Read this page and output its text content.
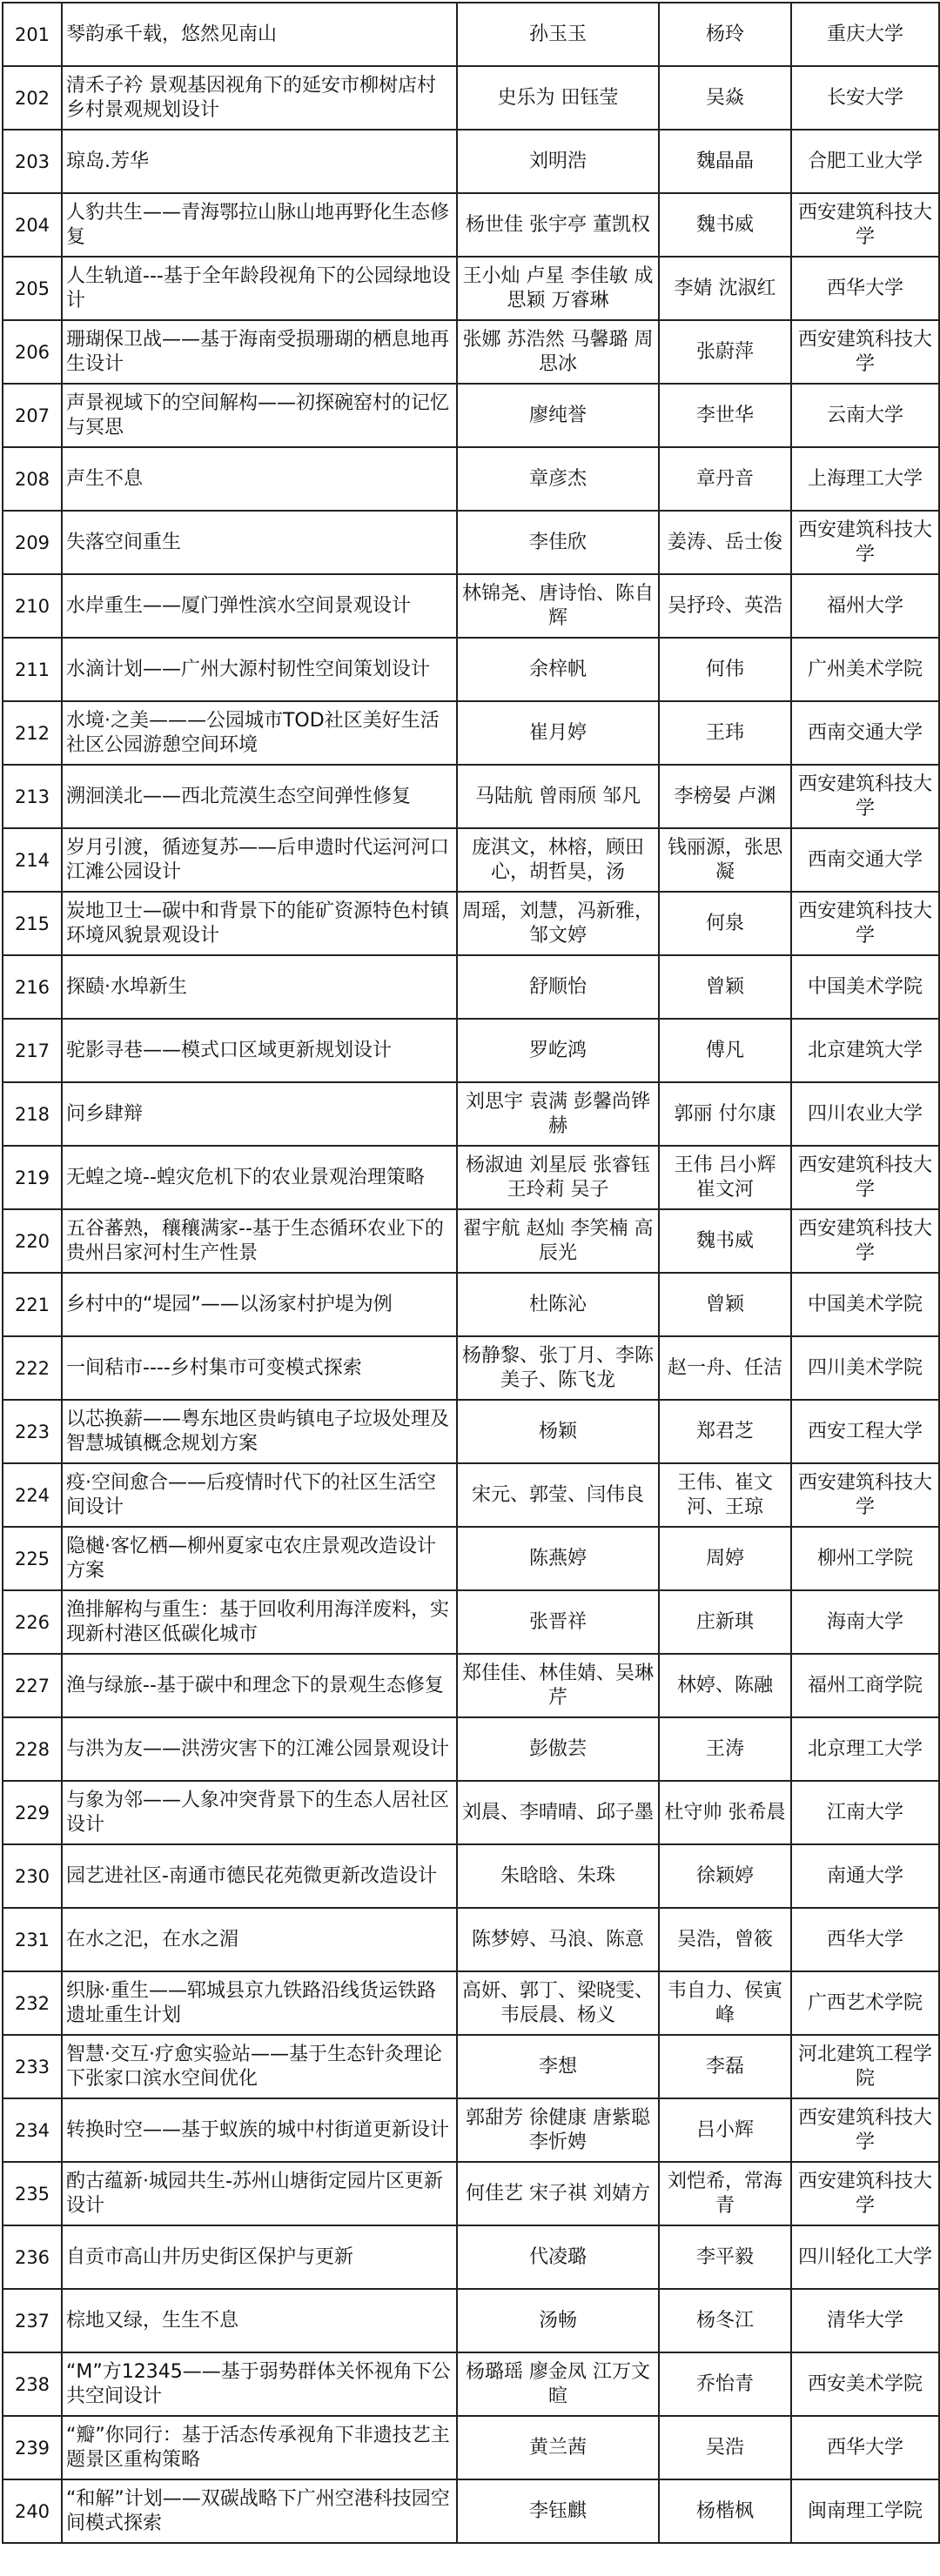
201	琴韵承千载，悠然见南山	孙玉玉	杨玲	重庆大学
202	清禾子衿 景观基因视角下的延安市柳树店村乡村景观规划设计	史乐为 田钰莹	吴焱	长安大学
203	琼岛.芳华	刘明浩	魏晶晶	合肥工业大学
204	人豹共生——青海鄂拉山脉山地再野化生态修复	杨世佳 张宇亭 董凯权	魏书威	西安建筑科技大学
205	人生轨道---基于全年龄段视角下的公园绿地设计	王小灿 卢星 李佳敏 成思颖 万睿琳	李婧 沈淑红	西华大学
206	珊瑚保卫战——基于海南受损珊瑚的栖息地再生设计	张娜 苏浩然 马馨璐 周思冰	张蔚萍	西安建筑科技大学
207	声景视域下的空间解构——初探碗窑村的记忆与冥思	廖纯誉	李世华	云南大学
208	声生不息	章彦杰	章丹音	上海理工大学
209	失落空间重生	李佳欣	姜涛、岳士俊	西安建筑科技大学
210	水岸重生——厦门弹性滨水空间景观设计	林锦尧、唐诗怡、陈自辉	吴抒玲、英浩	福州大学
211	水滴计划——广州大源村韧性空间策划设计	余梓帆	何伟	广州美术学院
212	水境·之美———公园城市TOD社区美好生活社区公园游憩空间环境	崔月婷	王玮	西南交通大学
213	溯洄渼北——西北荒漠生态空间弹性修复	马陆航 曾雨颀 邹凡	李榜晏 卢渊	西安建筑科技大学
214	岁月引渡，循迹复苏——后申遗时代运河河口江滩公园设计	庞淇文，林榕，顾田心，胡哲昊，汤	钱丽源，张思凝	西南交通大学
215	炭地卫士—碳中和背景下的能矿资源特色村镇环境风貌景观设计	周瑶，刘慧，冯新雅，邹文婷	何泉	西安建筑科技大学
216	探赜·水埠新生	舒顺怡	曾颖	中国美术学院
217	驼影寻巷——模式口区域更新规划设计	罗屹鸿	傅凡	北京建筑大学
218	问乡肆辩	刘思宇 袁满 彭馨尚铧赫	郭丽 付尔康	四川农业大学
219	无蝗之境--蝗灾危机下的农业景观治理策略	杨淑迪 刘星辰 张睿钰 王玲莉 吴子	王伟 吕小辉 崔文河	西安建筑科技大学
220	五谷蕃熟，穰穰满家--基于生态循环农业下的贵州吕家河村生产性景	翟宇航 赵灿 李笑楠 高辰光	魏书威	西安建筑科技大学
221	乡村中的“堤园”——以汤家村护堤为例	杜陈沁	曾颖	中国美术学院
222	一间秸市----乡村集市可变模式探索	杨静黎、张丁月、李陈美子、陈飞龙	赵一舟、任洁	四川美术学院
223	以芯换薪——粤东地区贵屿镇电子垃圾处理及智慧城镇概念规划方案	杨颖	郑君芝	西安工程大学
224	疫·空间愈合——后疫情时代下的社区生活空间设计	宋元、郭莹、闫伟良	王伟、崔文河、王琼	西安建筑科技大学
225	隐樾·客忆栖—柳州夏家屯农庄景观改造设计方案	陈燕婷	周婷	柳州工学院
226	渔排解构与重生：基于回收利用海洋废料，实现新村港区低碳化城市	张晋祥	庄新琪	海南大学
227	渔与绿旅--基于碳中和理念下的景观生态修复	郑佳佳、林佳婧、吴琳芹	林婷、陈融	福州工商学院
228	与洪为友——洪涝灾害下的江滩公园景观设计	彭傲芸	王涛	北京理工大学
229	与象为邻——人象冲突背景下的生态人居社区设计	刘晨、李晴晴、邱子墨	杜守帅 张希晨	江南大学
230	园艺进社区-南通市德民花苑微更新改造设计	朱晗晗、朱珠	徐颖婷	南通大学
231	在水之汜，在水之湄	陈梦婷、马浪、陈意	吴浩，曾筱	西华大学
232	织脉·重生——郓城县京九铁路沿线货运铁路遗址重生计划	高妍、郭丁、梁晓雯、韦辰晨、杨义	韦自力、侯寅峰	广西艺术学院
233	智慧·交互·疗愈实验站——基于生态针灸理论下张家口滨水空间优化	李想	李磊	河北建筑工程学院
234	转换时空——基于蚁族的城中村街道更新设计	郭甜芳 徐健康 唐紫聪 李忻娉	吕小辉	西安建筑科技大学
235	酌古蕴新·城园共生-苏州山塘街定园片区更新设计	何佳艺 宋子祺 刘婧方	刘恺希，常海青	西安建筑科技大学
236	自贡市高山井历史街区保护与更新	代凌璐	李平毅	四川轻化工大学
237	棕地又绿，生生不息	汤畅	杨冬江	清华大学
238	“M”方12345——基于弱势群体关怀视角下公共空间设计	杨璐瑶 廖金凤 江万文暄	乔怡青	西安美术学院
239	“瓣”你同行：基于活态传承视角下非遗技艺主题景区重构策略	黄兰茜	吴浩	西华大学
240	“和解”计划——双碳战略下广州空港科技园空间模式探索	李钰麒	杨楷枫	闽南理工学院
